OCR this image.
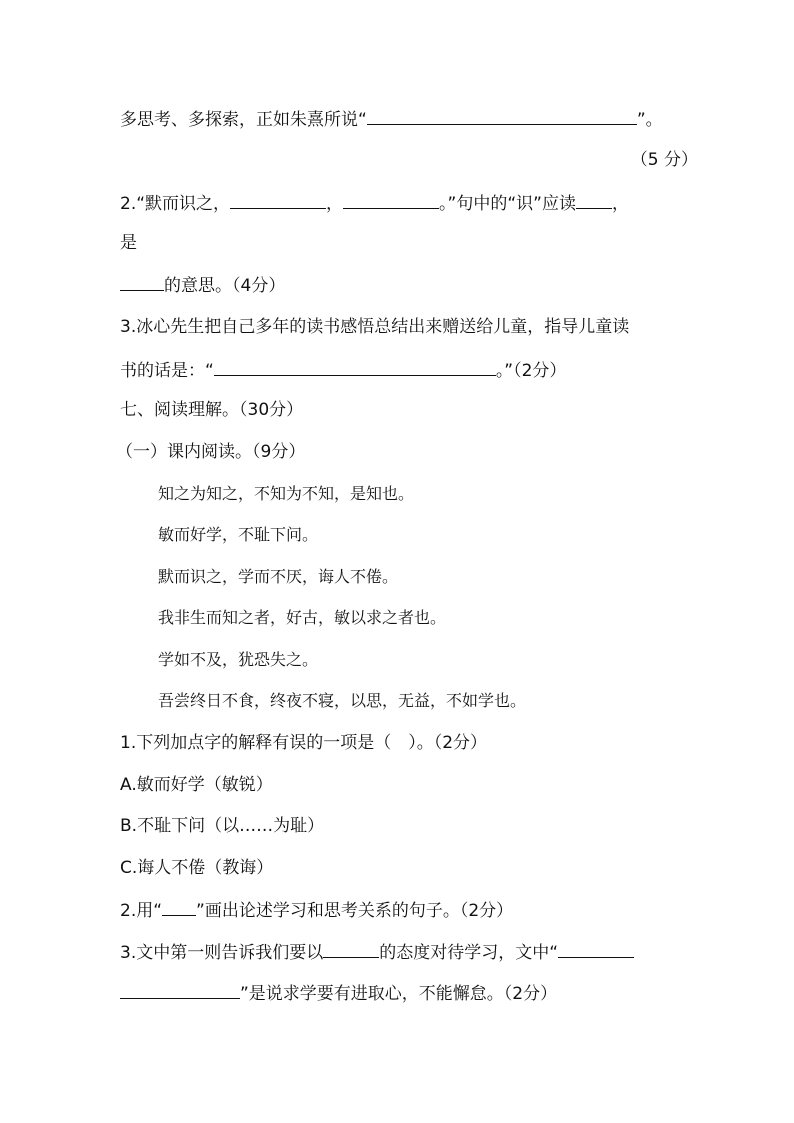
多思考、多探索，正如朱熹所说“	”。
（5 分）
2.“默而识之，	，	。”句中的“识”应读 ，
是
的意思。（4分）
3.冰心先生把自己多年的读书感悟总结出来赠送给儿童，指导儿童读
书的话是：“	。”（2分）
七、阅读理解。（30分）
（一）课内阅读。（9分）
知之为知之，不知为不知，是知也。
敏而好学，不耻下问。
默而识之，学而不厌，诲人不倦。
我非生而知之者，好古，敏以求之者也。
学如不及，犹恐失之。
吾尝终日不食，终夜不寝，以思，无益，不如学也。
1.下列加点字的解释有误的一项是（　）。（2分）
A.敏而好学（敏锐）
B.不耻下问（以……为耻）
C.诲人不倦（教诲）
2.用“ ”画出论述学习和思考关系的句子。（2分）
3.文中第一则告诉我们要以	的态度对待学习，文中“
”是说求学要有进取心，不能懈怠。（2分）
